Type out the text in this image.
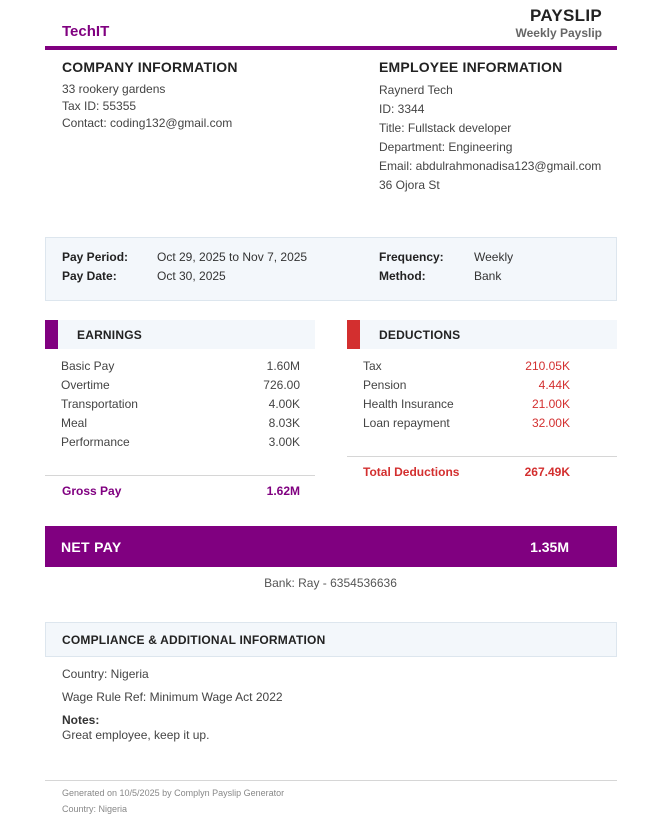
TechIT
PAYSLIP
Weekly Payslip
COMPANY INFORMATION
33 rookery gardens
Tax ID: 55355
Contact: coding132@gmail.com
EMPLOYEE INFORMATION
Raynerd Tech
ID: 3344
Title: Fullstack developer
Department: Engineering
Email: abdulrahmonadisa123@gmail.com
36 Ojora St
Pay Period: Oct 29, 2025 to Nov 7, 2025
Pay Date:	Oct 30, 2025
Frequency:	Weekly
Method:	Bank
EARNINGS
Basic Pay	1.60M
Overtime	726.00
Transportation	4.00K
Meal	8.03K
Performance	3.00K
Gross Pay	1.62M
DEDUCTIONS
Tax	210.05K
Pension	4.44K
Health Insurance	21.00K
Loan repayment	32.00K
Total Deductions	267.49K
NET PAY	1.35M
Bank: Ray - 6354536636
COMPLIANCE & ADDITIONAL INFORMATION
Country: Nigeria
Wage Rule Ref: Minimum Wage Act 2022
Notes:
Great employee, keep it up.
Generated on 10/5/2025 by Complyn Payslip Generator
Country: Nigeria
